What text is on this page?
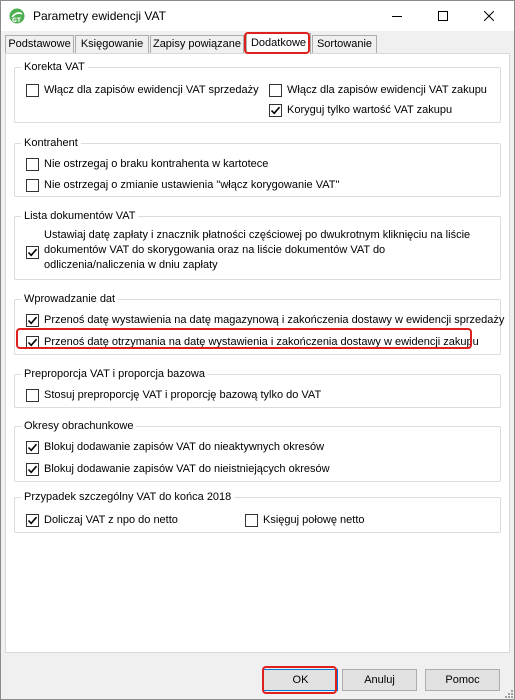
GT Parametry ewidencji VAT
Podstawowe Księgowanie Zapisy powiązane Dodatkowe Sortowanie
Korekta VAT
Włącz dla zapisów ewidencji VAT sprzedaży	Włącz dla zapisów ewidencji VAT zakupu
Koryguj tylko wartość VAT zakupu
Kontrahent
Nie ostrzegaj o braku kontrahenta w kartotece
Nie ostrzegaj o zmianie ustawienia "włącz korygowanie VAT"
Lista dokumentów VAT
Ustawiaj datę zapłaty i znacznik płatności częściowej po dwukrotnym kliknięciu na liście dokumentów VAT do skorygowania oraz na liście dokumentów VAT do odliczenia/naliczenia w dniu zapłaty
Wprowadzanie dat
Przenoś datę wystawienia na datę magazynową i zakończenia dostawy w ewidencji sprzedaży
Przenoś datę otrzymania na datę wystawienia i zakończenia dostawy w ewidencji zakupu
Preproporcja VAT i proporcja bazowa
Stosuj preproporcję VAT i proporcję bazową tylko do VAT
Okresy obrachunkowe
Blokuj dodawanie zapisów VAT do nieaktywnych okresów
Blokuj dodawanie zapisów VAT do nieistniejących okresów
Przypadek szczególny VAT do końca 2018
Doliczaj VAT z npo do netto	Księguj połowę netto
OK	Anuluj	Pomoc
